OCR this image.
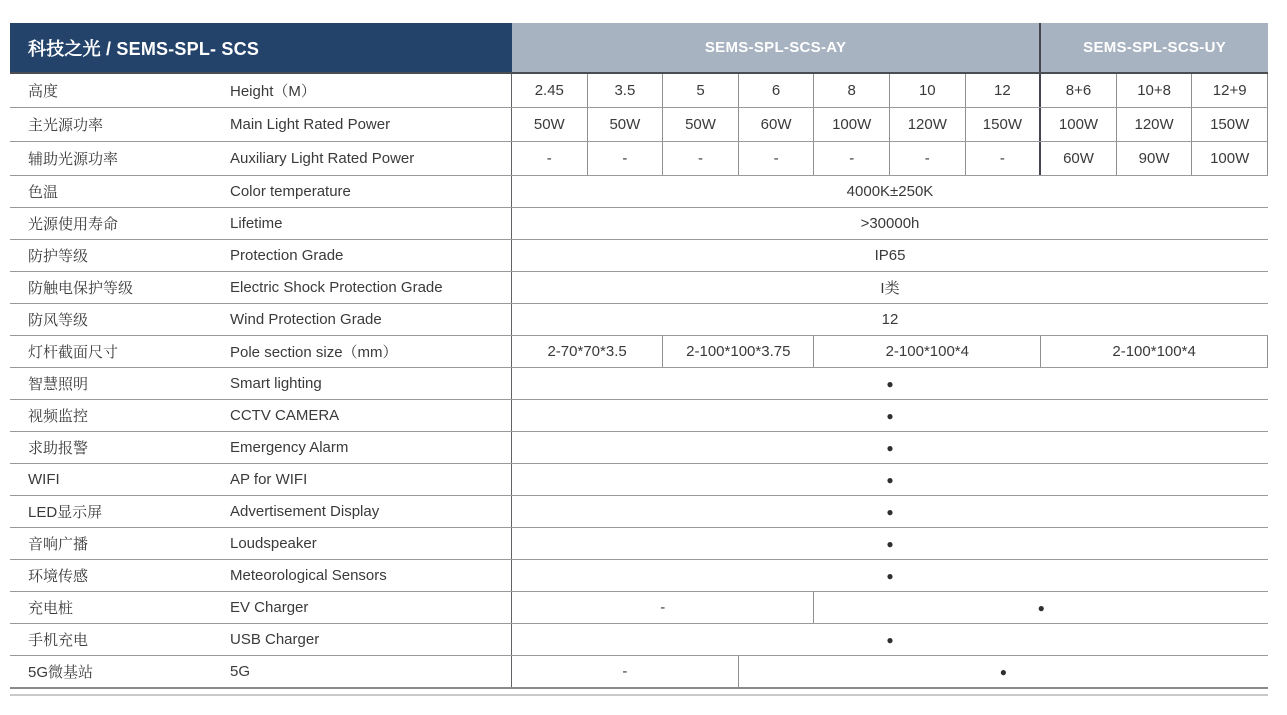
科技之光 / SEMS-SPL- SCS	SEMS-SPL-SCS-AY	SEMS-SPL-SCS-UY
高度	Height（M）	2.45	3.5	5	6	8	10	12	8+6	10+8	12+9
主光源功率	Main Light Rated Power	50W	50W	50W	60W	100W	120W	150W	100W	120W	150W
辅助光源功率	Auxiliary Light Rated Power	-	-	-	-	-	-	-	60W	90W	100W
色温	Color temperature	4000K±250K
光源使用寿命	Lifetime	>30000h
防护等级	Protection Grade	IP65
防触电保护等级	Electric Shock Protection Grade	I类
防风等级	Wind Protection Grade	12
灯杆截面尺寸	Pole section size（mm）	2-70*70*3.5	2-100*100*3.75	2-100*100*4	2-100*100*4
智慧照明	Smart lighting	●
视频监控	CCTV CAMERA	●
求助报警	Emergency Alarm	●
WIFI	AP for WIFI	●
LED显示屏	Advertisement Display	●
音响广播	Loudspeaker	●
环境传感	Meteorological Sensors	●
充电桩	EV Charger	-	●
手机充电	USB Charger	●
5G微基站	5G	-	●
